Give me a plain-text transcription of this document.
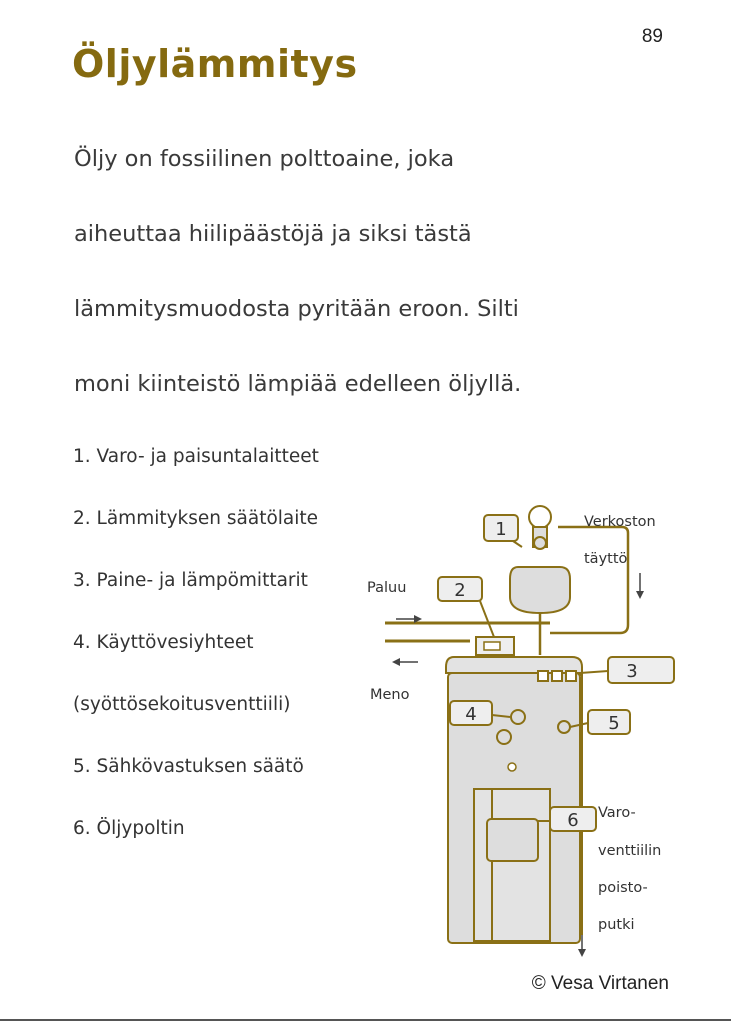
89
Öljylämmitys
Öljy on fossiilinen polttoaine, joka
aiheuttaa hiilipäästöjä ja siksi tästä
lämmitysmuodosta pyritään eroon. Silti
moni kiinteistö lämpiää edelleen öljyllä.
1. Varo- ja paisuntalaitteet
2. Lämmityksen säätölaite
3. Paine- ja lämpömittarit
4. Käyttövesiyhteet
(syöttösekoitusventtiili)
5. Sähkövastuksen säätö
6. Öljypoltin
1
2
3
4	5
6
Verkoston
täyttö
Paluu
Meno
Varo-
venttiilin
poisto-
putki
© Vesa Virtanen
